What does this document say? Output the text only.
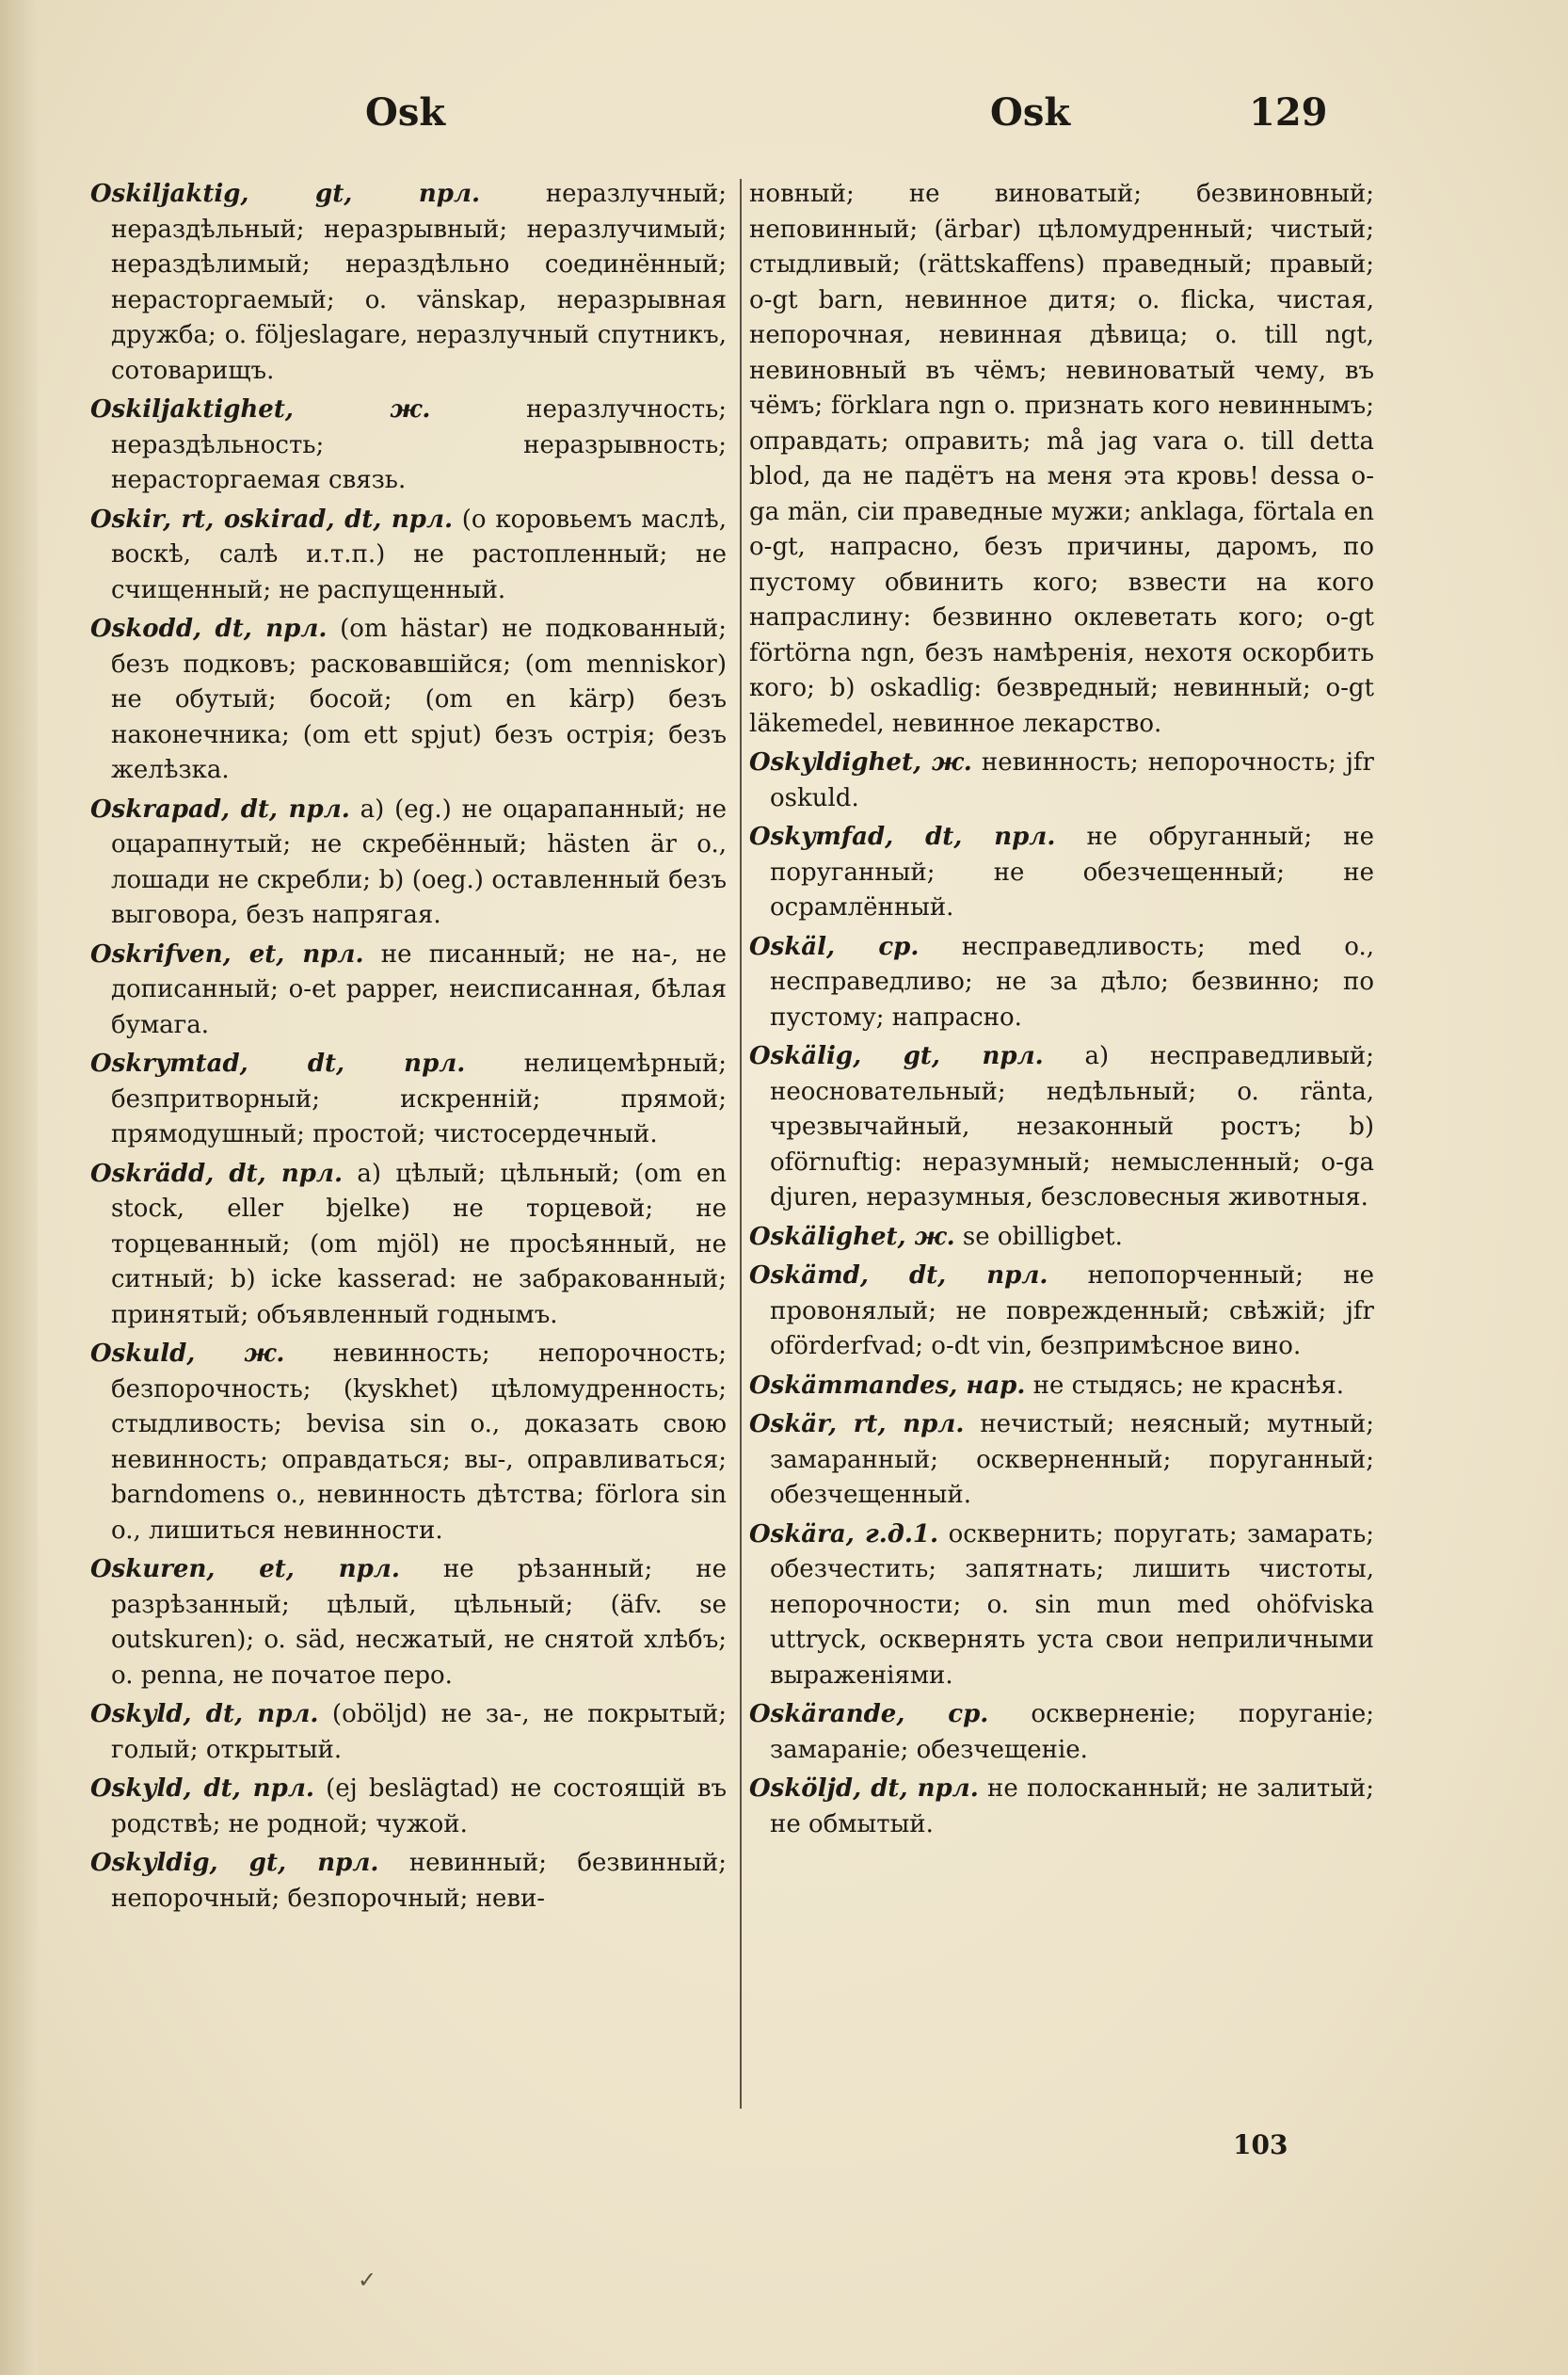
Osk	Osk	129

Oskiljaktig, gt, прл. неразлучный; нераздѣльный; неразрывный; неразлучимый; нераздѣлимый; нераздѣльно соединённый; нерасторгаемый; o. vänskap, неразрывная дружба; o. följeslagare, неразлучный спутникъ, сотоварищъ.

Oskiljaktighet, ж. неразлучность; нераздѣльность; неразрывность; нерасторгаемая связь.

Oskir, rt, oskirad, dt, прл. (о коровьемъ маслѣ, воскѣ, салѣ и.т.п.) не растопленный; не счищенный; не распущенный.

Oskodd, dt, прл. (om hästar) не подкованный; безъ подковъ; расковавшійся; (om menniskor) не обутый; босой; (om en kärp) безъ наконечника; (om ett spjut) безъ острія; безъ желѣзка.

Oskrapad, dt, прл. a) (eg.) не оцарапанный; не оцарапнутый; не скребённый; hästen är o., лошади не скребли; b) (oeg.) оставленный безъ выговора, безъ напрягая.

Oskrifven, et, прл. не писанный; не на-, не дописанный; o-et papper, неисписанная, бѣлая бумага.

Oskrymtad, dt, прл. нелицемѣрный; безпритворный; искренній; прямой; прямодушный; простой; чистосердечный.

Oskrädd, dt, прл. a) цѣлый; цѣльный; (om en stock, eller bjelke) не торцевой; не торцеванный; (om mjöl) не просѣянный, не ситный; b) icke kasserad: не забракованный; принятый; объявленный годнымъ.

Oskuld, ж. невинность; непорочность; безпорочность; (kyskhet) цѣломудренность; стыдливость; bevisa sin o., доказать свою невинность; оправдаться; вы-, оправливаться; barndomens o., невинность дѣтства; förlora sin o., лишиться невинности.

Oskuren, et, прл. не рѣзанный; не разрѣзанный; цѣлый, цѣльный; (äfv. se outskuren); o. säd, несжатый, не снятой хлѣбъ; o. penna, не початое перо.

Oskyld, dt, прл. (oböljd) не за-, не покрытый; голый; открытый.

Oskyld, dt, прл. (ej beslägtad) не состоящій въ родствѣ; не родной; чужой.

Oskyldig, gt, прл. невинный; безвинный; непорочный; безпорочный; неви-

новный; не виноватый; безвиновный; неповинный; (ärbar) цѣломудренный; чистый; стыдливый; (rättskaffens) праведный; правый; o-gt barn, невинное дитя; o. flicka, чистая, непорочная, невинная дѣвица; o. till ngt, невиновный въ чёмъ; невиноватый чему, въ чёмъ; förklara ngn o. признать кого невиннымъ; оправдать; оправить; må jag vara o. till detta blod, да не падётъ на меня эта кровь! dessa o-ga män, сіи праведные мужи; anklaga, förtala en o-gt, напрасно, безъ причины, даромъ, по пустому обвинить кого; взвести на кого напраслину: безвинно оклеветать кого; o-gt förtörna ngn, безъ намѣренія, нехотя оскорбить кого; b) oskadlig: безвредный; невинный; o-gt läkemedel, невинное лекарство.

Oskyldighet, ж. невинность; непорочность; jfr oskuld.

Oskymfad, dt, прл. не обруганный; не поруганный; не обезчещенный; не осрамлённый.

Oskäl, ср. несправедливость; med o., несправедливо; не за дѣло; безвинно; по пустому; напрасно.

Oskälig, gt, прл. a) несправедливый; неосновательный; недѣльный; o. ränta, чрезвычайный, незаконный ростъ; b) oförnuftig: неразумный; немысленный; o-ga djuren, неразумныя, безсловесныя животныя.

Oskälighet, ж. se obilligbet.

Oskämd, dt, прл. непопорченный; не провонялый; не поврежденный; свѣжій; jfr oförderfvad; o-dt vin, безпримѣсное вино.

Oskämmandes, нар. не стыдясь; не краснѣя.

Oskär, rt, прл. нечистый; неясный; мутный; замаранный; оскверненный; поруганный; обезчещенный.

Oskära, г.д.1. осквернить; поругать; замарать; обезчестить; запятнать; лишить чистоты, непорочности; o. sin mun med ohöfviska uttryck, осквернять уста свои неприличными выраженіями.

Oskärande, ср. оскверненіе; поруганіе; замараніе; обезчещеніе.

Osköljd, dt, прл. не полосканный; не залитый; не обмытый.

103
✓
